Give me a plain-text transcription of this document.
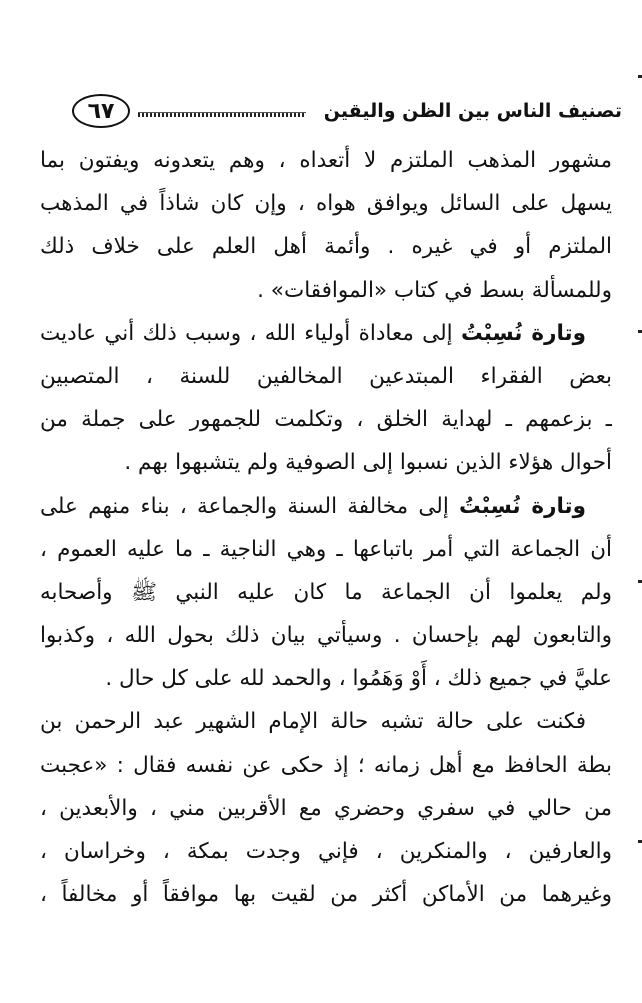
تصنيف الناس بين الظن واليقين
٦٧
مشهور المذهب الملتزم لا أتعداه ، وهم يتعدونه ويفتون بما
يسهل على السائل ويوافق هواه ، وإن كان شاذاً في المذهب
الملتزم أو في غيره . وأئمة أهل العلم على خلاف ذلك
وللمسألة بسط في كتاب «الموافقات» .
وتارة نُسِبْتُ إلى معاداة أولياء الله ، وسبب ذلك أني عاديت
بعض الفقراء المبتدعين المخالفين للسنة ، المتصبين
ـ بزعمهم ـ لهداية الخلق ، وتكلمت للجمهور على جملة من
أحوال هؤلاء الذين نسبوا إلى الصوفية ولم يتشبهوا بهم .
وتارة نُسِبْتُ إلى مخالفة السنة والجماعة ، بناء منهم على
أن الجماعة التي أمر باتباعها ـ وهي الناجية ـ ما عليه العموم ،
ولم يعلموا أن الجماعة ما كان عليه النبي ﷺ وأصحابه
والتابعون لهم بإحسان . وسيأتي بيان ذلك بحول الله ، وكذبوا
عليَّ في جميع ذلك ، أَوْ وَهَمُوا ، والحمد لله على كل حال .
فكنت على حالة تشبه حالة الإمام الشهير عبد الرحمن بن
بطة الحافظ مع أهل زمانه ؛ إذ حكى عن نفسه فقال : «عجبت
من حالي في سفري وحضري مع الأقربين مني ، والأبعدين ،
والعارفين ، والمنكرين ، فإني وجدت بمكة ، وخراسان ،
وغيرهما من الأماكن أكثر من لقيت بها موافقاً أو مخالفاً ،
